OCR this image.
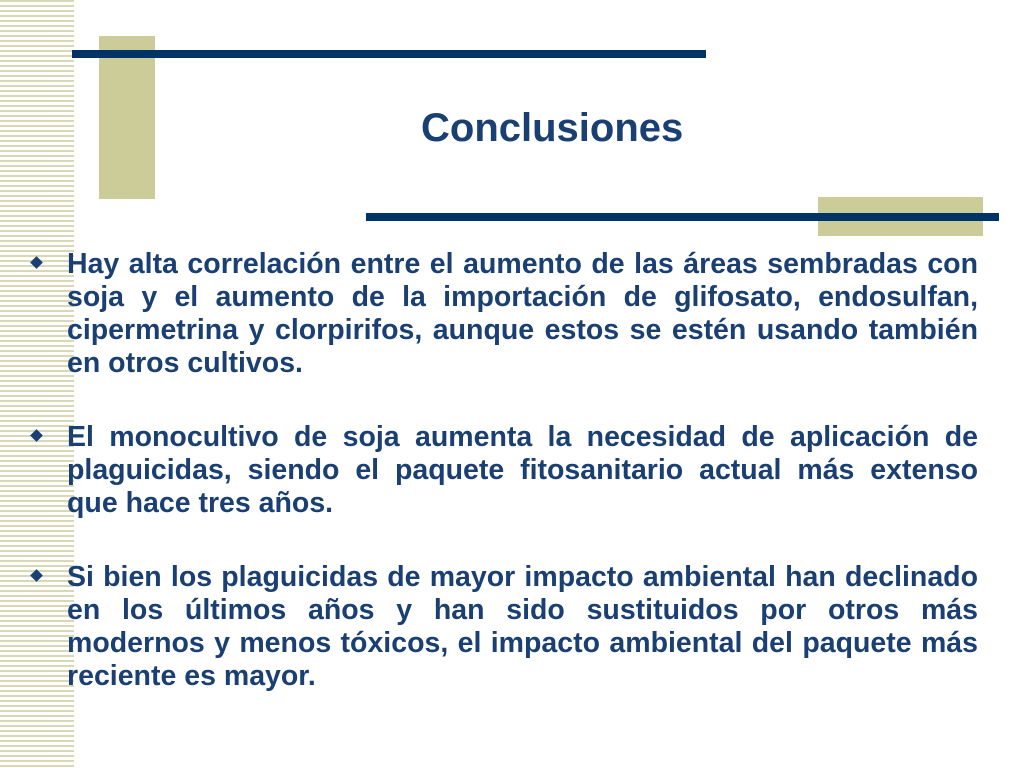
Conclusiones
Hay alta correlación entre el aumento de las áreas sembradas con soja y el aumento de la importación de glifosato, endosulfan, cipermetrina y clorpirifos, aunque estos se estén usando también en otros cultivos.
El monocultivo de soja aumenta la necesidad de aplicación de plaguicidas, siendo el paquete fitosanitario actual más extenso que hace tres años.
Si bien los plaguicidas de mayor impacto ambiental han declinado en los últimos años y han sido sustituidos por otros más modernos y menos tóxicos, el impacto ambiental del paquete más reciente es mayor.
